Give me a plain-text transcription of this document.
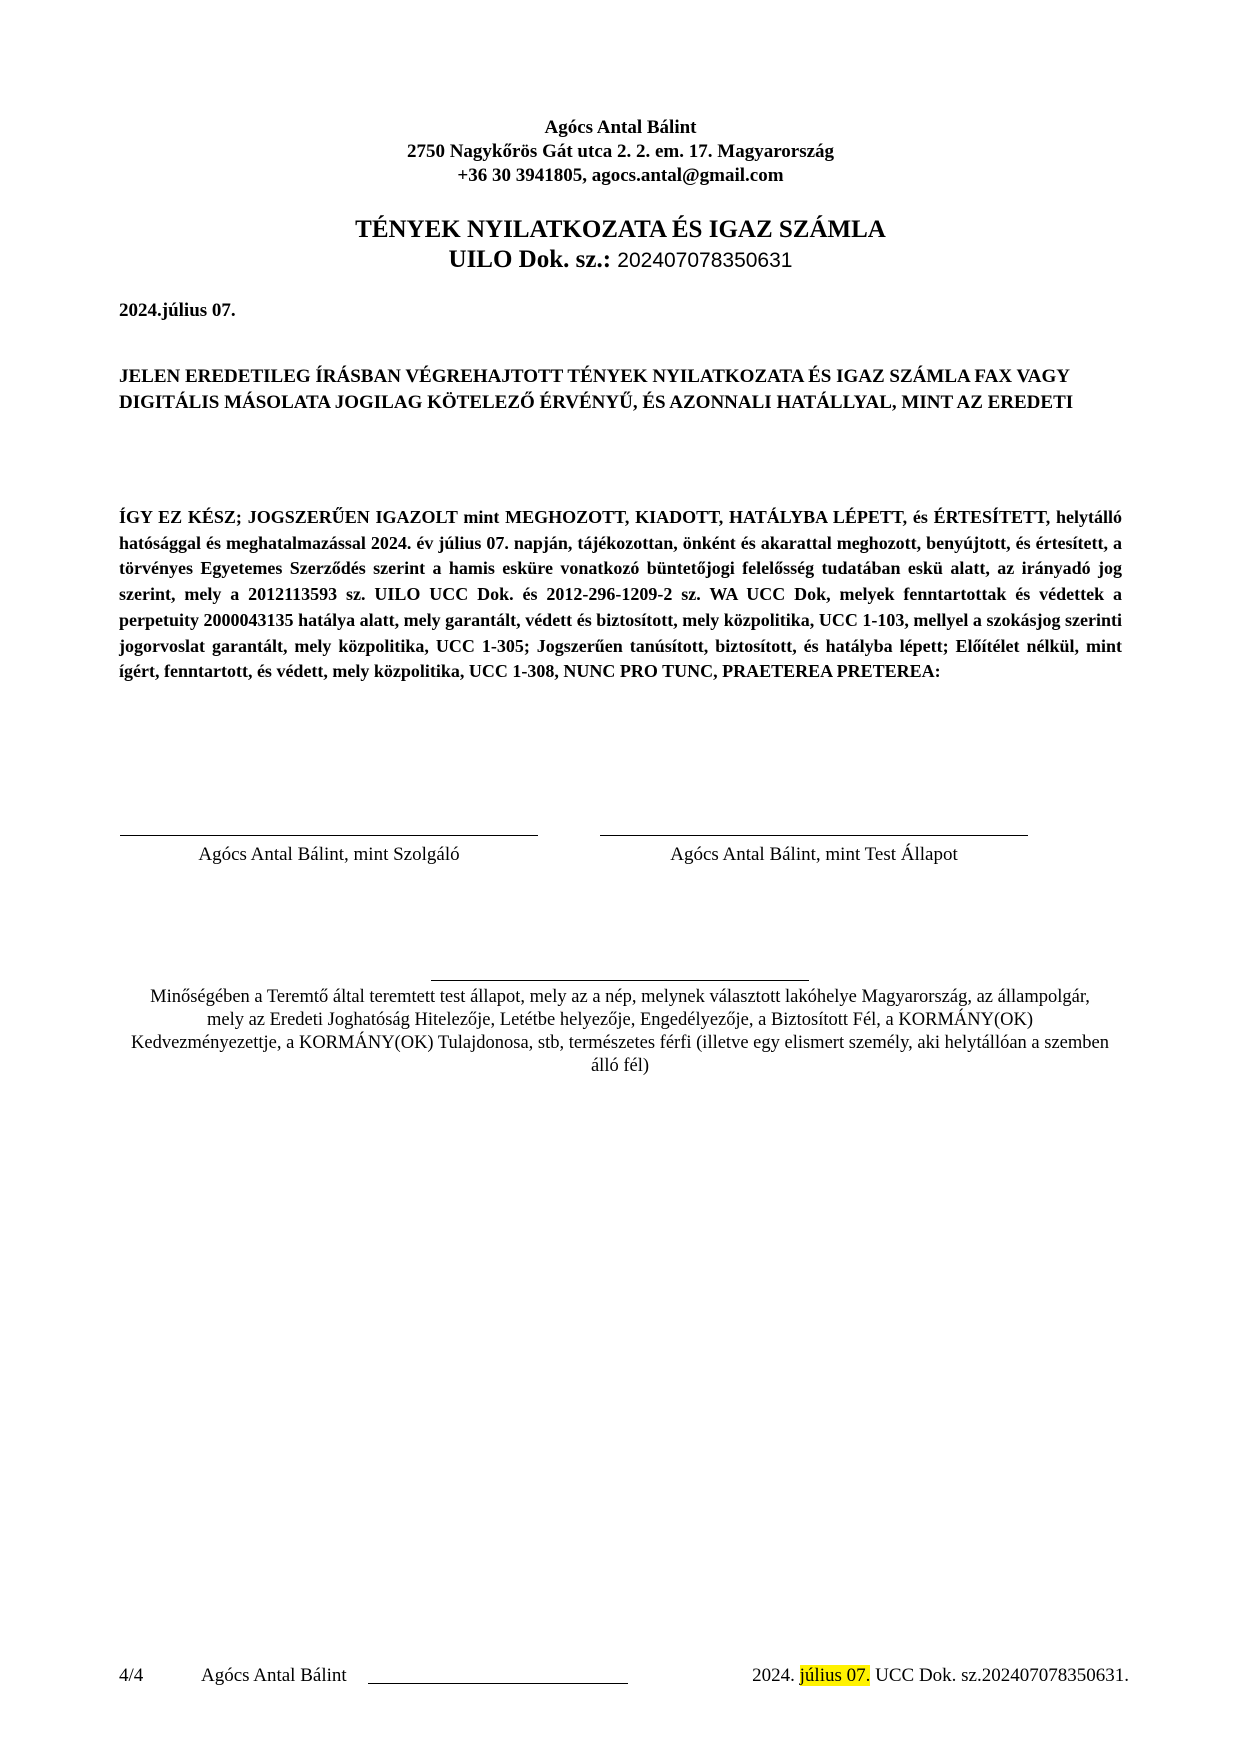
Agócs Antal Bálint
2750 Nagykőrös Gát utca 2. 2. em. 17. Magyarország
+36 30 3941805, agocs.antal@gmail.com
TÉNYEK NYILATKOZATA ÉS IGAZ SZÁMLA
UILO Dok. sz.: 202407078350631
2024.július 07.
JELEN EREDETILEG ÍRÁSBAN VÉGREHAJTOTT TÉNYEK NYILATKOZATA ÉS IGAZ SZÁMLA FAX VAGY DIGITÁLIS MÁSOLATA JOGILAG KÖTELEZŐ ÉRVÉNYŰ, ÉS AZONNALI HATÁLLYAL, MINT AZ EREDETI
ÍGY EZ KÉSZ; JOGSZERŰEN IGAZOLT mint MEGHOZOTT, KIADOTT, HATÁLYBA LÉPETT, és ÉRTESÍTETT, helytálló hatósággal és meghatalmazással 2024. év július 07. napján, tájékozottan, önként és akarattal meghozott, benyújtott, és értesített, a törvényes Egyetemes Szerződés szerint a hamis esküre vonatkozó büntetőjogi felelősség tudatában eskü alatt, az irányadó jog szerint, mely a 2012113593 sz. UILO UCC Dok. és 2012-296-1209-2 sz. WA UCC Dok, melyek fenntartottak és védettek a perpetuity 2000043135 hatálya alatt, mely garantált, védett és biztosított, mely közpolitika, UCC 1-103, mellyel a szokásjog szerinti jogorvoslat garantált, mely közpolitika, UCC 1-305; Jogszerűen tanúsított, biztosított, és hatályba lépett; Előítélet nélkül, mint ígért, fenntartott, és védett, mely közpolitika, UCC 1-308, NUNC PRO TUNC, PRAETEREA PRETEREA:
Agócs Antal Bálint, mint Szolgáló	Agócs Antal Bálint, mint Test Állapot
Minőségében a Teremtő által teremtett test állapot, mely az a nép, melynek választott lakóhelye Magyarország, az állampolgár, mely az Eredeti Joghatóság Hitelezője, Letétbe helyezője, Engedélyezője, a Biztosított Fél, a KORMÁNY(OK) Kedvezményezettje, a KORMÁNY(OK) Tulajdonosa, stb, természetes férfi (illetve egy elismert személy, aki helytállóan a szemben álló fél)
4/4	Agócs Antal Bálint	2024. július 07. UCC Dok. sz.202407078350631.
